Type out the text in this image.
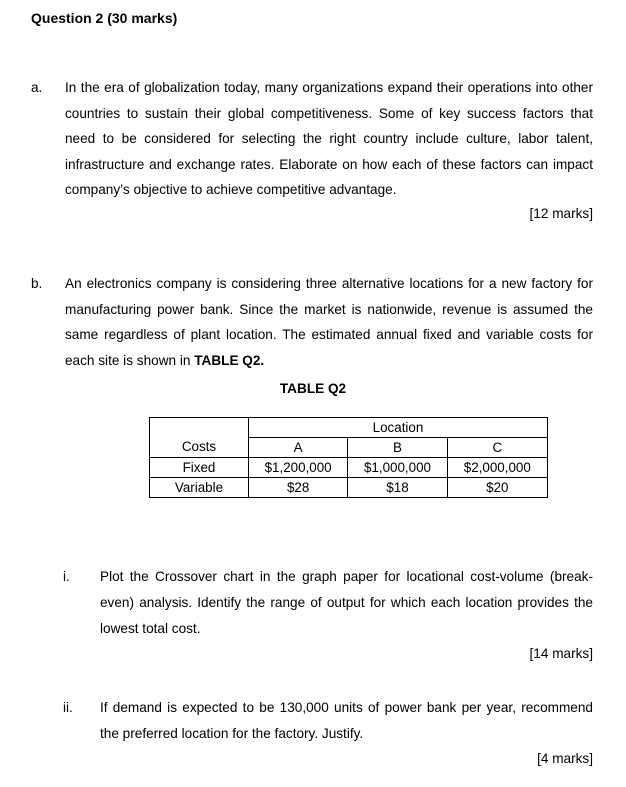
Question 2 (30 marks)
a. In the era of globalization today, many organizations expand their operations into other countries to sustain their global competitiveness. Some of key success factors that need to be considered for selecting the right country include culture, labor talent, infrastructure and exchange rates. Elaborate on how each of these factors can impact company’s objective to achieve competitive advantage.
[12 marks]
b. An electronics company is considering three alternative locations for a new factory for manufacturing power bank. Since the market is nationwide, revenue is assumed the same regardless of plant location. The estimated annual fixed and variable costs for each site is shown in TABLE Q2.
TABLE Q2
	Location		
Costs	A	B	C
Fixed	$1,200,000	$1,000,000	$2,000,000
Variable	$28	$18	$20
i. Plot the Crossover chart in the graph paper for locational cost-volume (break-even) analysis. Identify the range of output for which each location provides the lowest total cost.
[14 marks]
ii. If demand is expected to be 130,000 units of power bank per year, recommend the preferred location for the factory. Justify.
[4 marks]
